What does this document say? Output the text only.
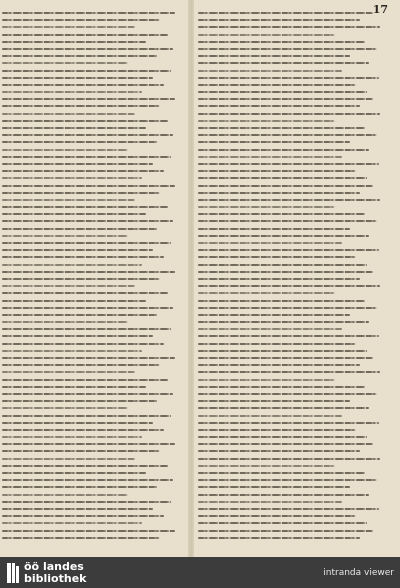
17
öö landes
bibliothek	intranda viewer
